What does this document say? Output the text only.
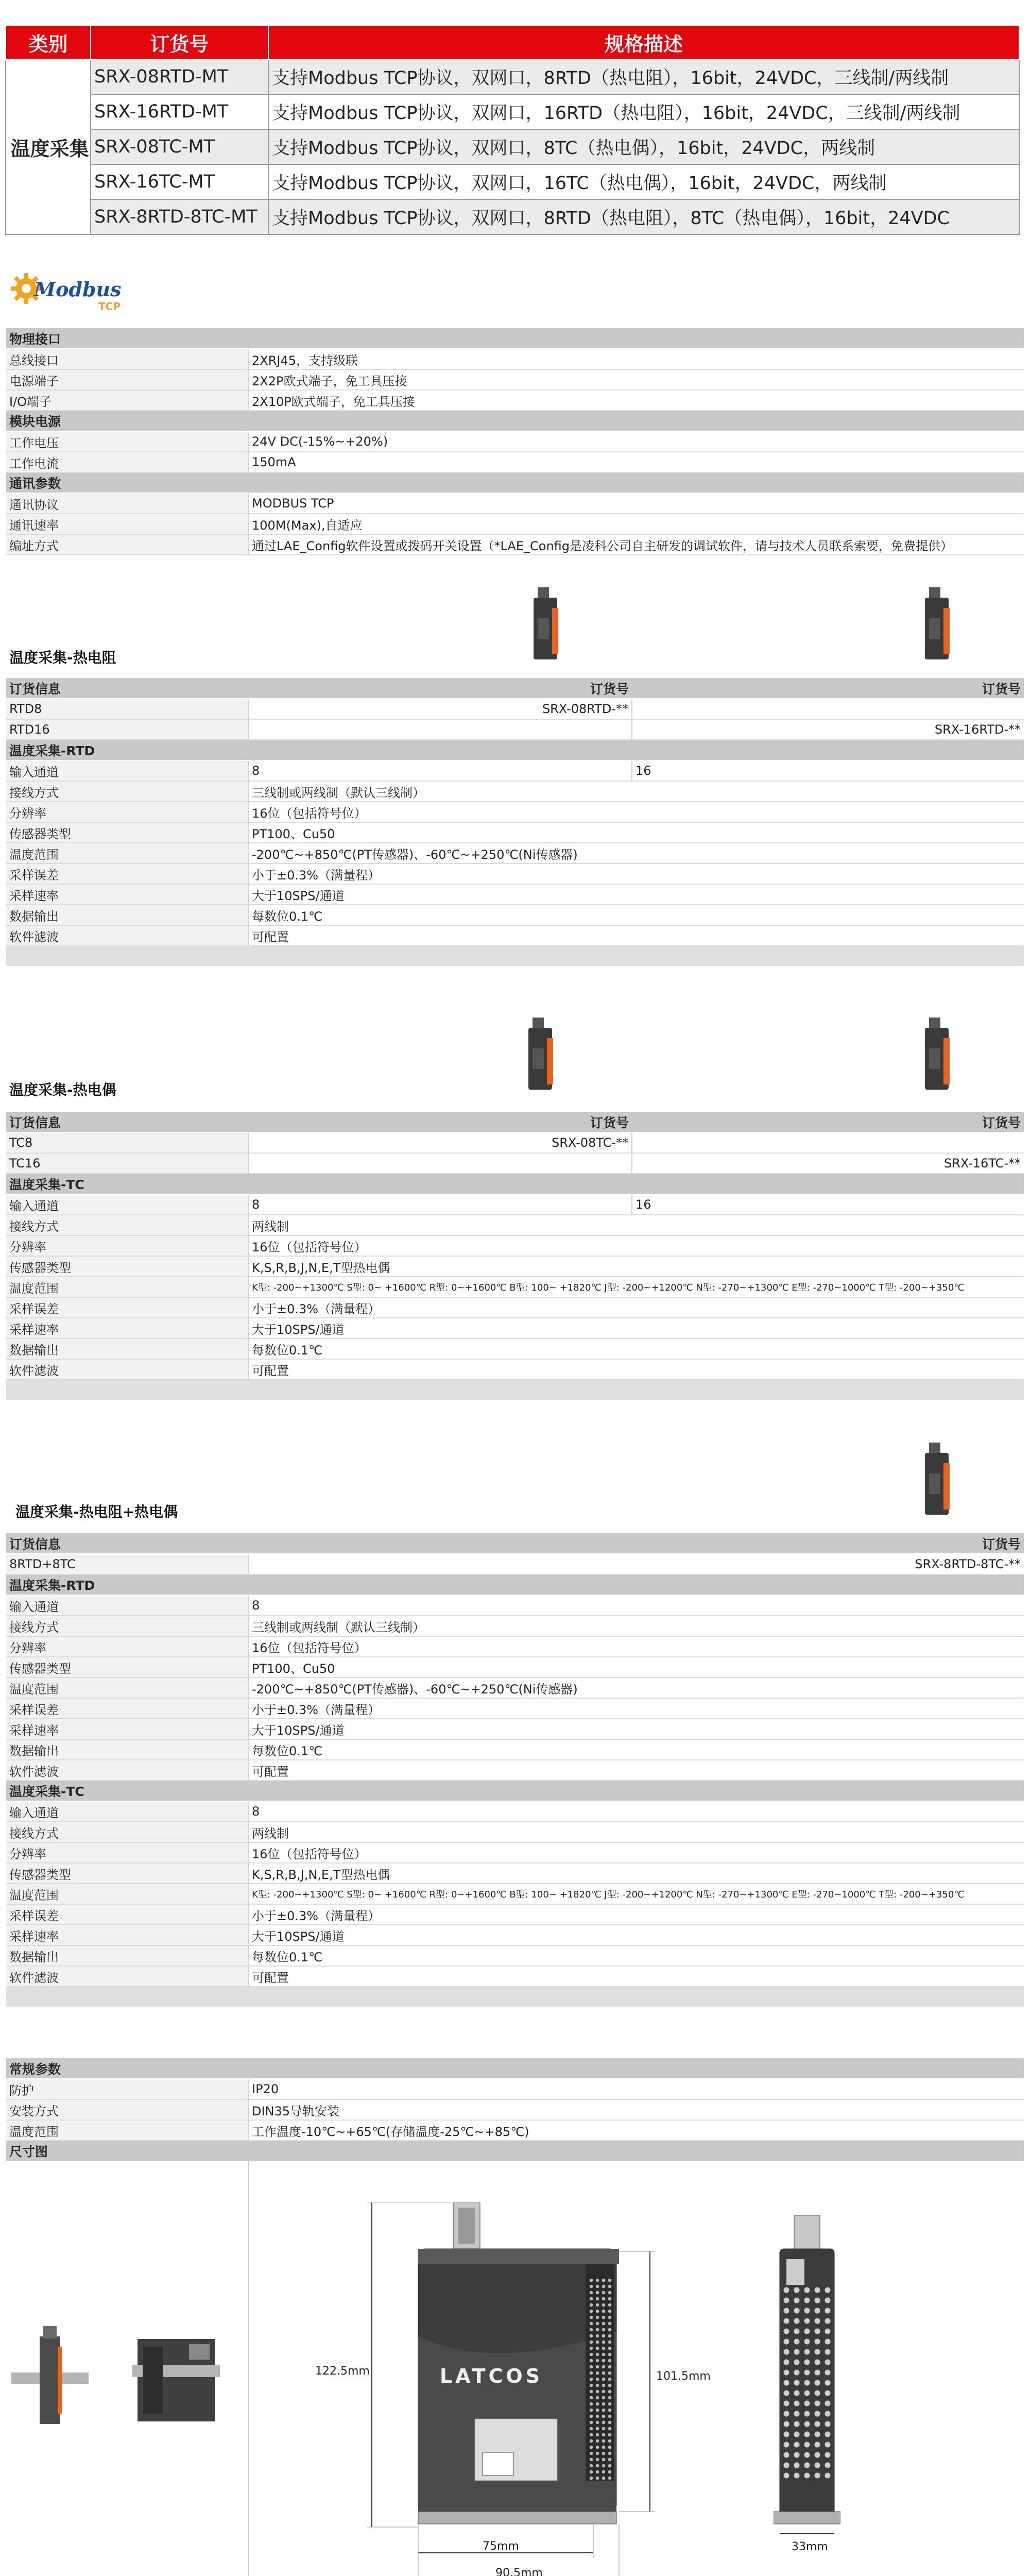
类别	订货号	规格描述
温度采集	SRX-08RTD-MT	支持Modbus TCP协议，双网口，8RTD（热电阻），16bit，24VDC，三线制/两线制
	SRX-16RTD-MT	支持Modbus TCP协议，双网口，16RTD（热电阻），16bit，24VDC，三线制/两线制
	SRX-08TC-MT	支持Modbus TCP协议，双网口，8TC（热电偶），16bit，24VDC，两线制
	SRX-16TC-MT	支持Modbus TCP协议，双网口，16TC（热电偶），16bit，24VDC，两线制
	SRX-8RTD-8TC-MT	支持Modbus TCP协议，双网口，8RTD（热电阻），8TC（热电偶），16bit，24VDC
Modbus
TCP
物理接口	
总线接口	2XRJ45，支持级联
电源端子	2X2P欧式端子，免工具压接
I/O端子	2X10P欧式端子，免工具压接
模块电源	
工作电压	24V DC(-15%~+20%)
工作电流	150mA
通讯参数	
通讯协议	MODBUS TCP
通讯速率	100M(Max),自适应
编址方式	通过LAE_Config软件设置或拨码开关设置（*LAE_Config是凌科公司自主研发的调试软件，请与技术人员联系索要，免费提供）
温度采集-热电阻
订货信息	订货号	订货号
RTD8	SRX-08RTD-**	
RTD16		SRX-16RTD-**
温度采集-RTD		
输入通道	8	16
接线方式	三线制或两线制（默认三线制）	
分辨率	16位（包括符号位）	
传感器类型	PT100、Cu50	
温度范围	-200℃~+850℃(PT传感器)、-60℃~+250℃(Ni传感器)	
采样误差	小于±0.3%（满量程）	
采样速率	大于10SPS/通道	
数据输出	每数位0.1℃	
软件滤波	可配置	

温度采集-热电偶
订货信息	订货号	订货号
TC8	SRX-08TC-**	
TC16		SRX-16TC-**
温度采集-TC		
输入通道	8	16
接线方式	两线制	
分辨率	16位（包括符号位）	
传感器类型	K,S,R,B,J,N,E,T型热电偶	
温度范围	K型: -200~+1300℃ S型: 0~ +1600℃ R型: 0~+1600℃ B型: 100~ +1820℃ J型: -200~+1200℃ N型: -270~+1300℃ E型: -270~1000℃ T型: -200~+350℃	
采样误差	小于±0.3%（满量程）	
采样速率	大于10SPS/通道	
数据输出	每数位0.1℃	
软件滤波	可配置	

温度采集-热电阻+热电偶
订货信息	订货号
8RTD+8TC	SRX-8RTD-8TC-**
温度采集-RTD	
输入通道	8
接线方式	三线制或两线制（默认三线制）
分辨率	16位（包括符号位）
传感器类型	PT100、Cu50
温度范围	-200℃~+850℃(PT传感器)、-60℃~+250℃(Ni传感器)
采样误差	小于±0.3%（满量程）
采样速率	大于10SPS/通道
数据输出	每数位0.1℃
软件滤波	可配置
温度采集-TC	
输入通道	8
接线方式	两线制
分辨率	16位（包括符号位）
传感器类型	K,S,R,B,J,N,E,T型热电偶
温度范围	K型: -200~+1300℃ S型: 0~ +1600℃ R型: 0~+1600℃ B型: 100~ +1820℃ J型: -200~+1200℃ N型: -270~+1300℃ E型: -270~1000℃ T型: -200~+350℃
采样误差	小于±0.3%（满量程）
采样速率	大于10SPS/通道
数据输出	每数位0.1℃
软件滤波	可配置

常规参数	
防护	IP20
安装方式	DIN35导轨安装
温度范围	工作温度-10℃~+65℃(存储温度-25℃~+85℃)
尺寸图	
LATCOS
122.5mm	101.5mm
75mm
90.5mm
33mm
